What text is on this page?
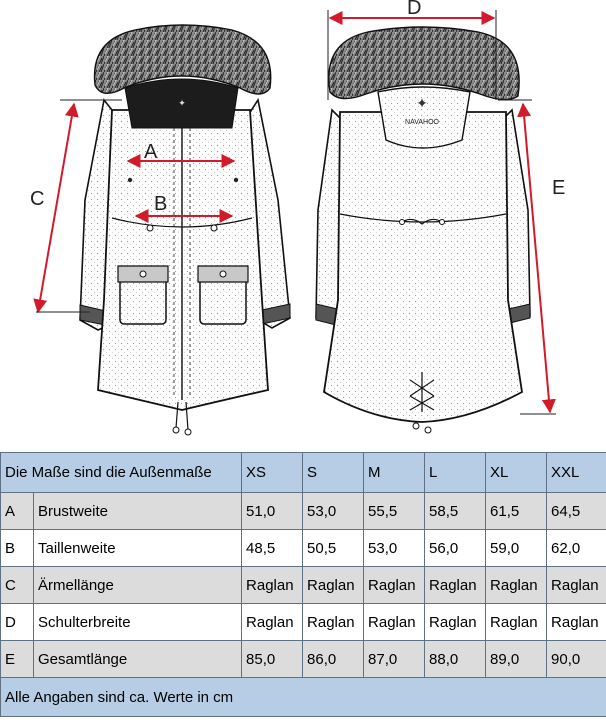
✦	✦
NAVAHOO
A
B
C
D
E
Die Maße sind die Außenmaße		XS	S	M	L	XL	XXL
A	Brustweite	51,0	53,0	55,5	58,5	61,5	64,5
B	Taillenweite	48,5	50,5	53,0	56,0	59,0	62,0
C	Ärmellänge	Raglan	Raglan	Raglan	Raglan	Raglan	Raglan
D	Schulterbreite	Raglan	Raglan	Raglan	Raglan	Raglan	Raglan
E	Gesamtlänge	85,0	86,0	87,0	88,0	89,0	90,0
Alle Angaben sind ca. Werte in cm							
